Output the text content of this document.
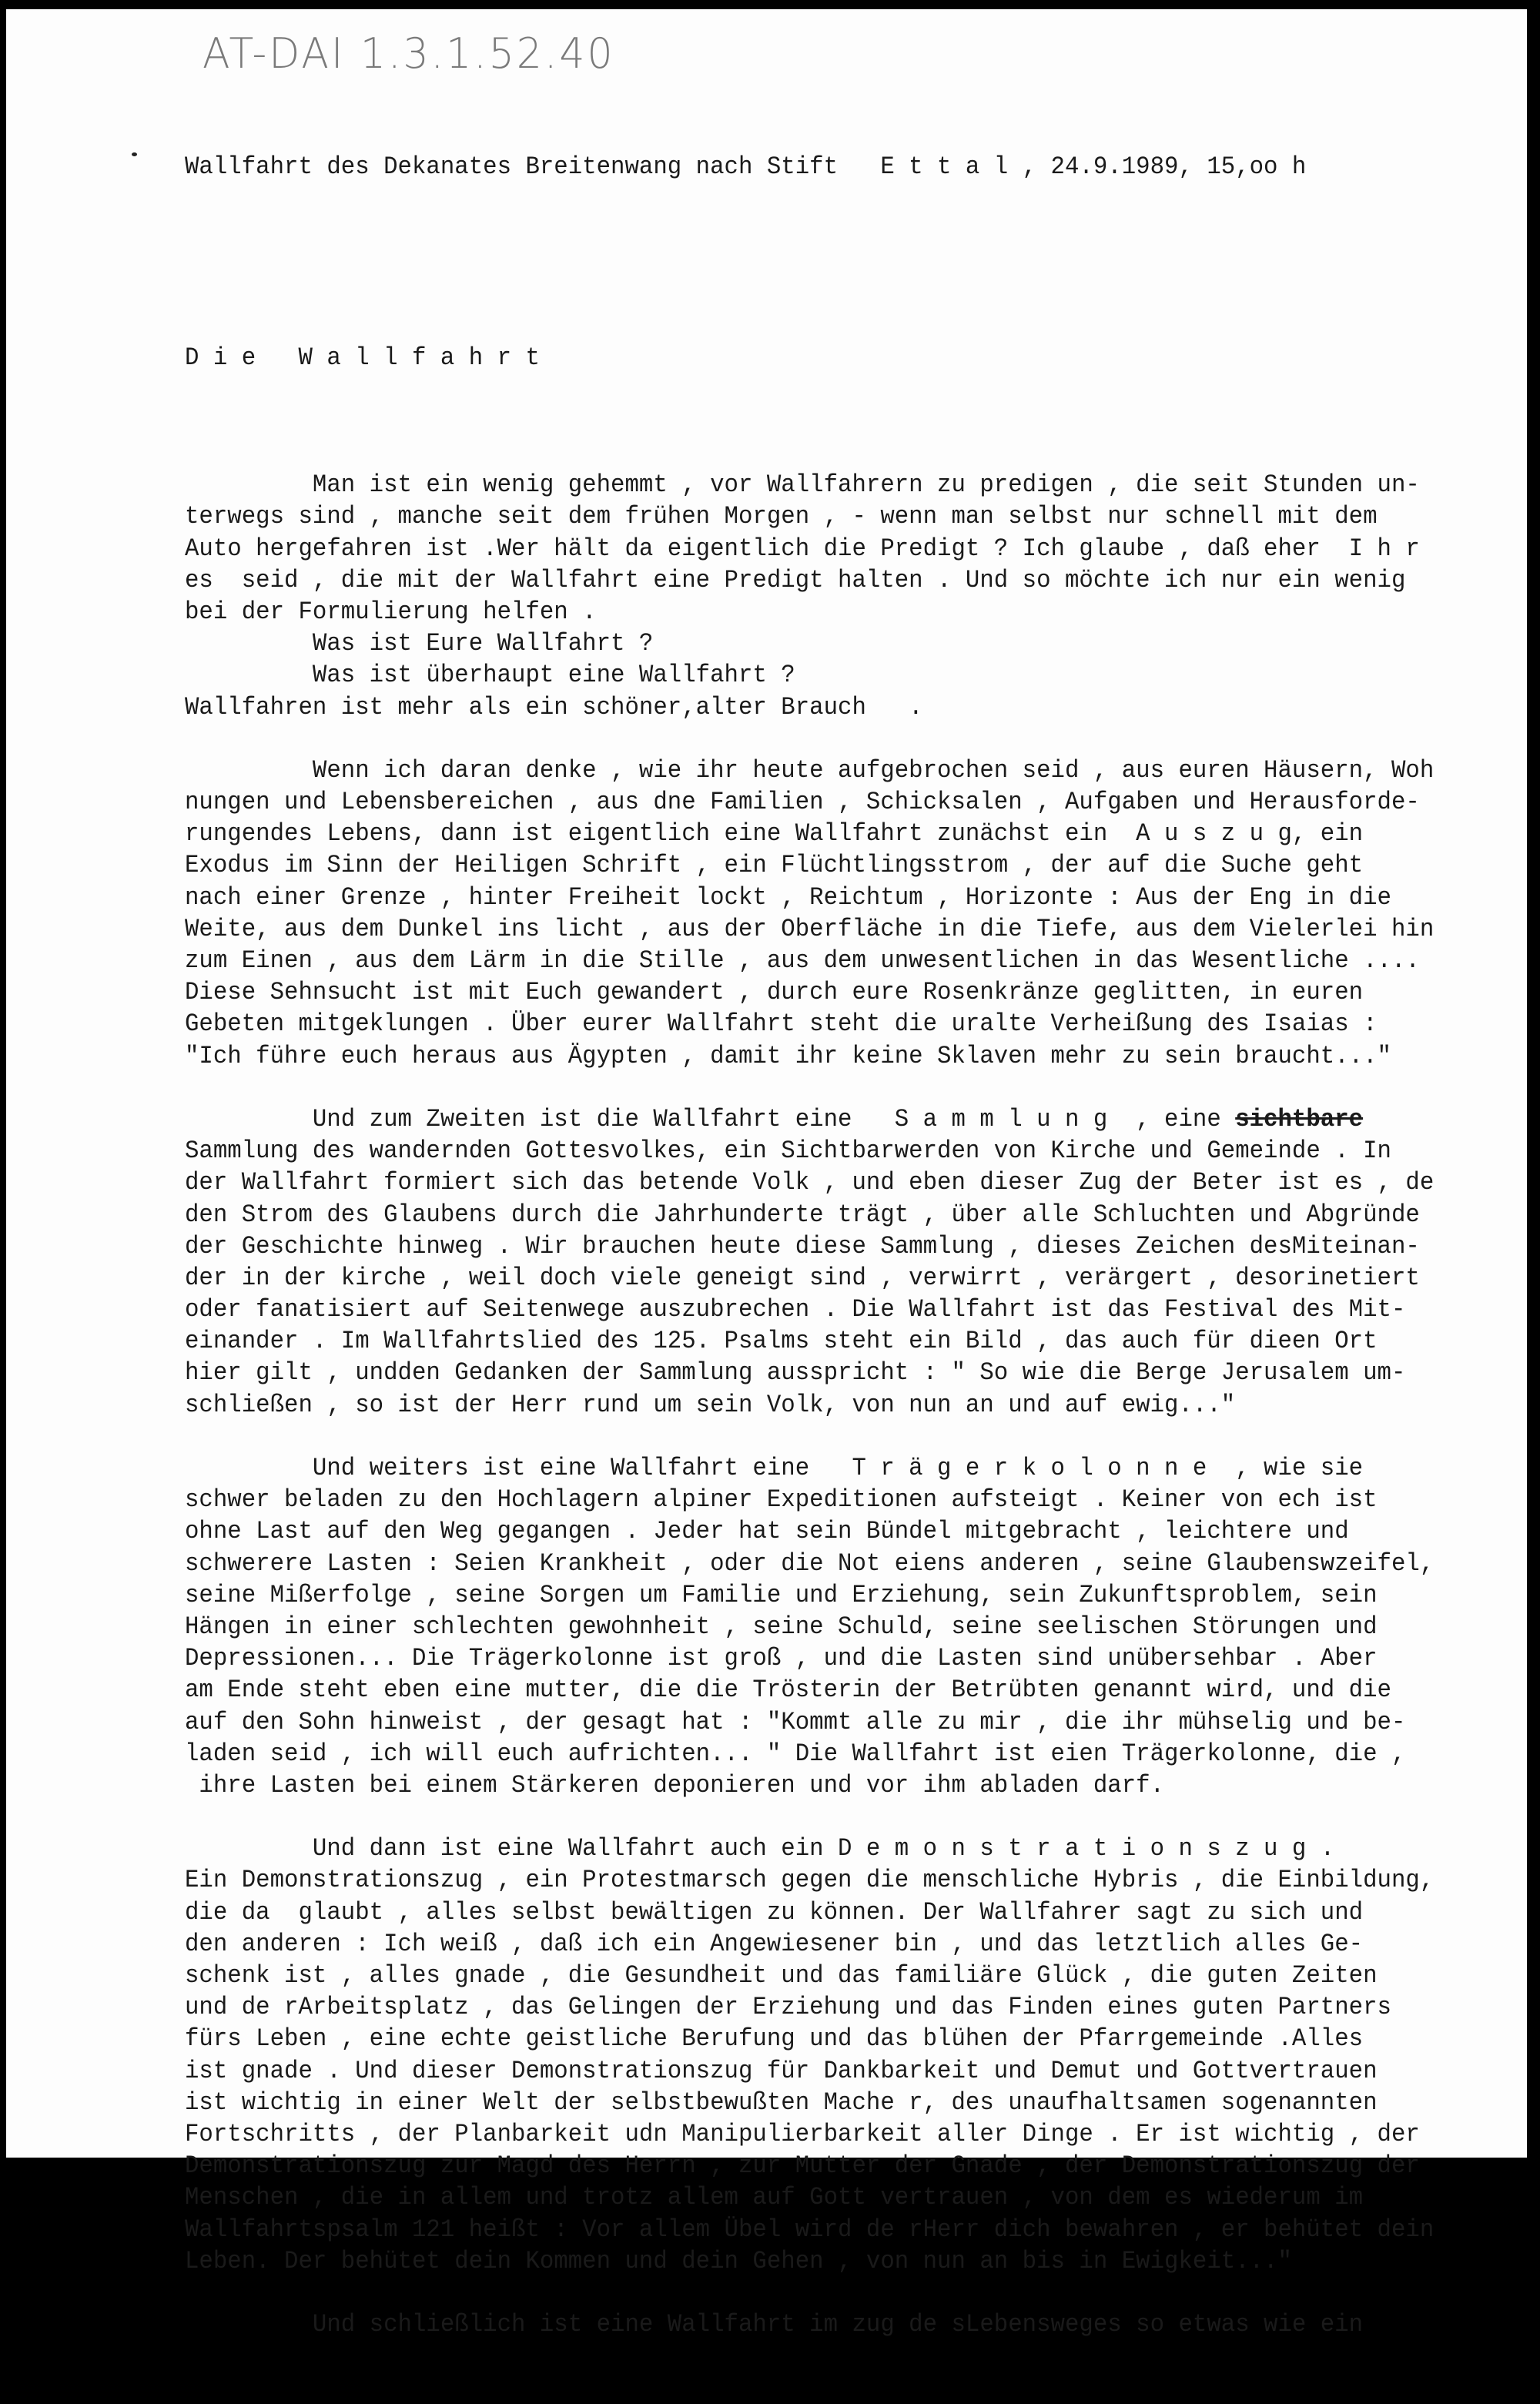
AT-DAI 1.3.1.52.40

Wallfahrt des Dekanates Breitenwang nach Stift   E t t a l , 24.9.1989, 15,oo h

D i e   W a l l f a h r t

Man ist ein wenig gehemmt , vor Wallfahrern zu predigen , die seit Stunden un-
terwegs sind , manche seit dem frühen Morgen , - wenn man selbst nur schnell mit dem
Auto hergefahren ist .Wer hält da eigentlich die Predigt ? Ich glaube , daß eher  I h r
es  seid , die mit der Wallfahrt eine Predigt halten . Und so möchte ich nur ein wenig
bei der Formulierung helfen .
Was ist Eure Wallfahrt ?
Was ist überhaupt eine Wallfahrt ?
Wallfahren ist mehr als ein schöner,alter Brauch   .
Wenn ich daran denke , wie ihr heute aufgebrochen seid , aus euren Häusern, Woh
nungen und Lebensbereichen , aus dne Familien , Schicksalen , Aufgaben und Herausforde-
rungendes Lebens, dann ist eigentlich eine Wallfahrt zunächst ein  A u s z u g, ein
Exodus im Sinn der Heiligen Schrift , ein Flüchtlingsstrom , der auf die Suche geht
nach einer Grenze , hinter Freiheit lockt , Reichtum , Horizonte : Aus der Eng in die
Weite, aus dem Dunkel ins licht , aus der Oberfläche in die Tiefe, aus dem Vielerlei hin
zum Einen , aus dem Lärm in die Stille , aus dem unwesentlichen in das Wesentliche ....
Diese Sehnsucht ist mit Euch gewandert , durch eure Rosenkränze geglitten, in euren
Gebeten mitgeklungen . Über eurer Wallfahrt steht die uralte Verheißung des Isaias :
"Ich führe euch heraus aus Ägypten , damit ihr keine Sklaven mehr zu sein braucht..."
Und zum Zweiten ist die Wallfahrt eine   S a m m l u n g  , eine sichtbare
Sammlung des wandernden Gottesvolkes, ein Sichtbarwerden von Kirche und Gemeinde . In
der Wallfahrt formiert sich das betende Volk , und eben dieser Zug der Beter ist es , de
den Strom des Glaubens durch die Jahrhunderte trägt , über alle Schluchten und Abgründe
der Geschichte hinweg . Wir brauchen heute diese Sammlung , dieses Zeichen desMiteinan-
der in der kirche , weil doch viele geneigt sind , verwirrt , verärgert , desorinetiert
oder fanatisiert auf Seitenwege auszubrechen . Die Wallfahrt ist das Festival des Mit-
einander . Im Wallfahrtslied des 125. Psalms steht ein Bild , das auch für dieen Ort
hier gilt , undden Gedanken der Sammlung ausspricht : " So wie die Berge Jerusalem um-
schließen , so ist der Herr rund um sein Volk, von nun an und auf ewig..."
Und weiters ist eine Wallfahrt eine   T r ä g e r k o l o n n e  , wie sie
schwer beladen zu den Hochlagern alpiner Expeditionen aufsteigt . Keiner von ech ist
ohne Last auf den Weg gegangen . Jeder hat sein Bündel mitgebracht , leichtere und
schwerere Lasten : Seien Krankheit , oder die Not eiens anderen , seine Glaubenswzeifel,
seine Mißerfolge , seine Sorgen um Familie und Erziehung, sein Zukunftsproblem, sein
Hängen in einer schlechten gewohnheit , seine Schuld, seine seelischen Störungen und
Depressionen... Die Trägerkolonne ist groß , und die Lasten sind unübersehbar . Aber
am Ende steht eben eine mutter, die die Trösterin der Betrübten genannt wird, und die
auf den Sohn hinweist , der gesagt hat : "Kommt alle zu mir , die ihr mühselig und be-
laden seid , ich will euch aufrichten... " Die Wallfahrt ist eien Trägerkolonne, die ,
ihre Lasten bei einem Stärkeren deponieren und vor ihm abladen darf.
Und dann ist eine Wallfahrt auch ein D e m o n s t r a t i o n s z u g .
Ein Demonstrationszug , ein Protestmarsch gegen die menschliche Hybris , die Einbildung,
die da  glaubt , alles selbst bewältigen zu können. Der Wallfahrer sagt zu sich und
den anderen : Ich weiß , daß ich ein Angewiesener bin , und das letztlich alles Ge-
schenk ist , alles gnade , die Gesundheit und das familiäre Glück , die guten Zeiten
und de rArbeitsplatz , das Gelingen der Erziehung und das Finden eines guten Partners
fürs Leben , eine echte geistliche Berufung und das blühen der Pfarrgemeinde .Alles
ist gnade . Und dieser Demonstrationszug für Dankbarkeit und Demut und Gottvertrauen
ist wichtig in einer Welt der selbstbewußten Mache r, des unaufhaltsamen sogenannten
Fortschritts , der Planbarkeit udn Manipulierbarkeit aller Dinge . Er ist wichtig , der
Demonstrationszug zur Magd des Herrn , zur Mutter der Gnade , der Demonstrationszug der
Menschen , die in allem und trotz allem auf Gott vertrauen , von dem es wiederum im
Wallfahrtspsalm 121 heißt : Vor allem Übel wird de rHerr dich bewahren , er behütet dein
Leben. Der behütet dein Kommen und dein Gehen , von nun an bis in Ewigkeit..."
Und schließlich ist eine Wallfahrt im zug de sLebensweges so etwas wie ein
